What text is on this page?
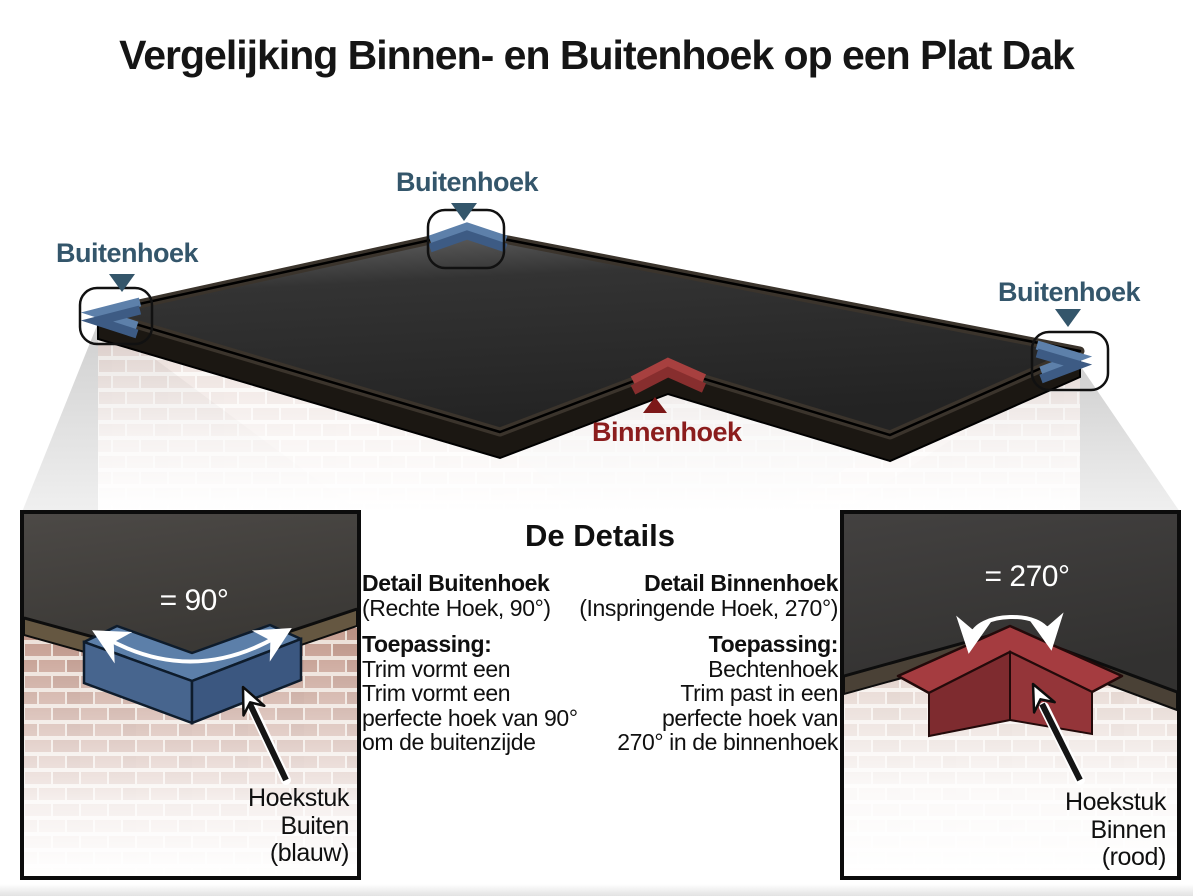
Vergelijking Binnen- en Buitenhoek op een Plat Dak
Buitenhoek
Buitenhoek
Buitenhoek
Binnenhoek
De Details
Detail Buitenhoek
(Rechte Hoek, 90°)
Toepassing:
Trim vormt een
Trim vormt een
perfecte hoek van 90°
om de buitenzijde
Detail Binnenhoek
(Inspringende Hoek, 270°)
Toepassing:
Bechtenhoek
Trim past in een
perfecte hoek van
270° in de binnenhoek
= 90°
Hoekstuk
Buiten
(blauw)
= 270°
Hoekstuk
Binnen
(rood)
